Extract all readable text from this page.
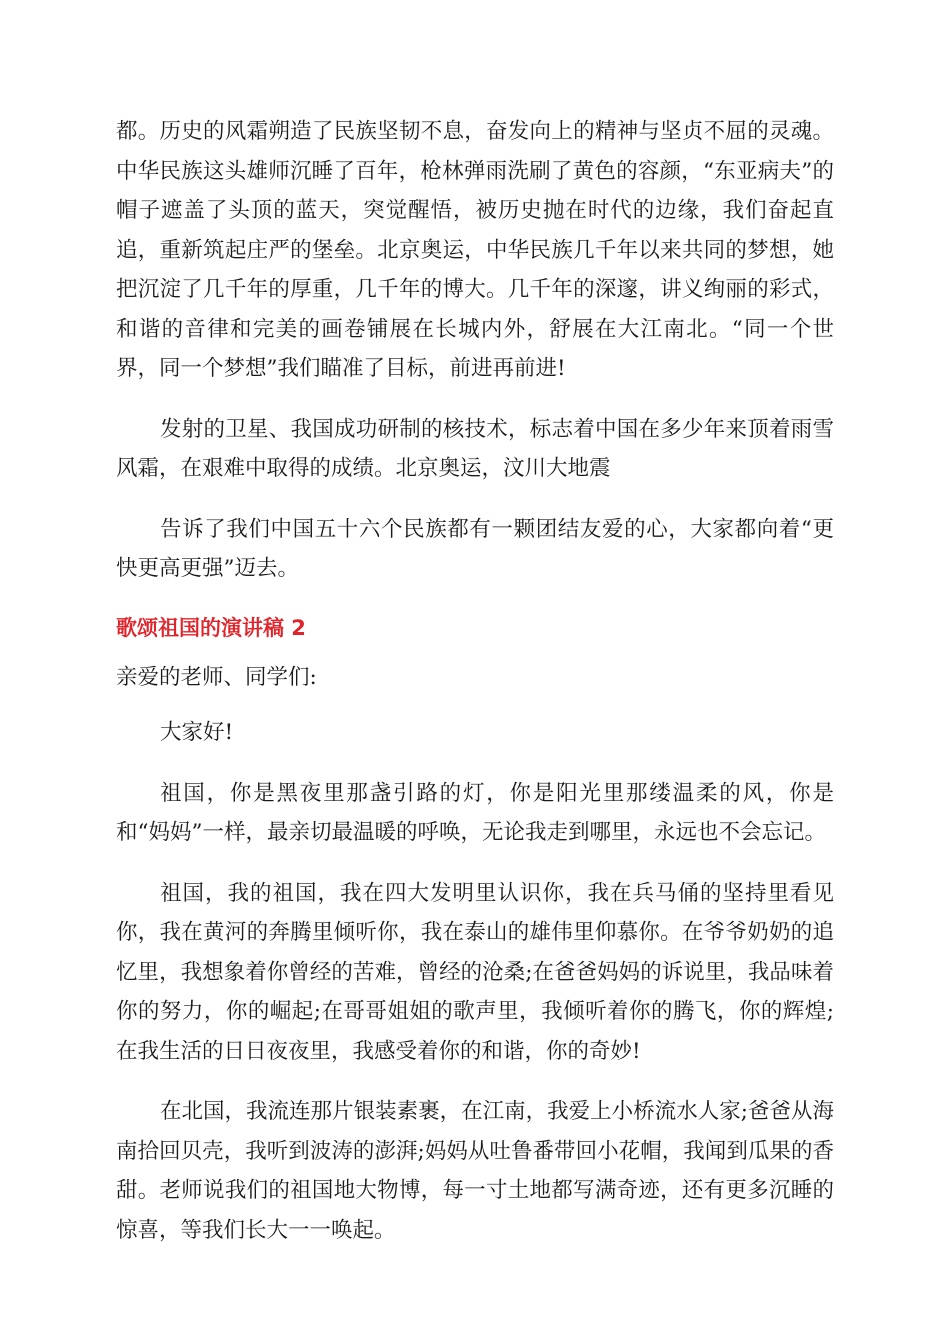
都。历史的风霜朔造了民族坚韧不息，奋发向上的精神与坚贞不屈的灵魂。中华民族这头雄师沉睡了百年，枪林弹雨洗刷了黄色的容颜，“东亚病夫”的帽子遮盖了头顶的蓝天，突觉醒悟，被历史抛在时代的边缘，我们奋起直追，重新筑起庄严的堡垒。北京奥运，中华民族几千年以来共同的梦想，她把沉淀了几千年的厚重，几千年的博大。几千年的深邃，讲义绚丽的彩式，和谐的音律和完美的画卷铺展在长城内外，舒展在大江南北。“同一个世界，同一个梦想”我们瞄准了目标，前进再前进!

发射的卫星、我国成功研制的核技术，标志着中国在多少年来顶着雨雪风霜，在艰难中取得的成绩。北京奥运，汶川大地震

告诉了我们中国五十六个民族都有一颗团结友爱的心，大家都向着“更快更高更强”迈去。

歌颂祖国的演讲稿 2

亲爱的老师、同学们:

大家好!

祖国，你是黑夜里那盏引路的灯，你是阳光里那缕温柔的风，你是和“妈妈”一样，最亲切最温暖的呼唤，无论我走到哪里，永远也不会忘记。

祖国，我的祖国，我在四大发明里认识你，我在兵马俑的坚持里看见你，我在黄河的奔腾里倾听你，我在泰山的雄伟里仰慕你。在爷爷奶奶的追忆里，我想象着你曾经的苦难，曾经的沧桑;在爸爸妈妈的诉说里，我品味着你的努力，你的崛起;在哥哥姐姐的歌声里，我倾听着你的腾飞，你的辉煌;在我生活的日日夜夜里，我感受着你的和谐，你的奇妙!

在北国，我流连那片银装素裹，在江南，我爱上小桥流水人家;爸爸从海南拾回贝壳，我听到波涛的澎湃;妈妈从吐鲁番带回小花帽，我闻到瓜果的香甜。老师说我们的祖国地大物博，每一寸土地都写满奇迹，还有更多沉睡的惊喜，等我们长大一一唤起。
